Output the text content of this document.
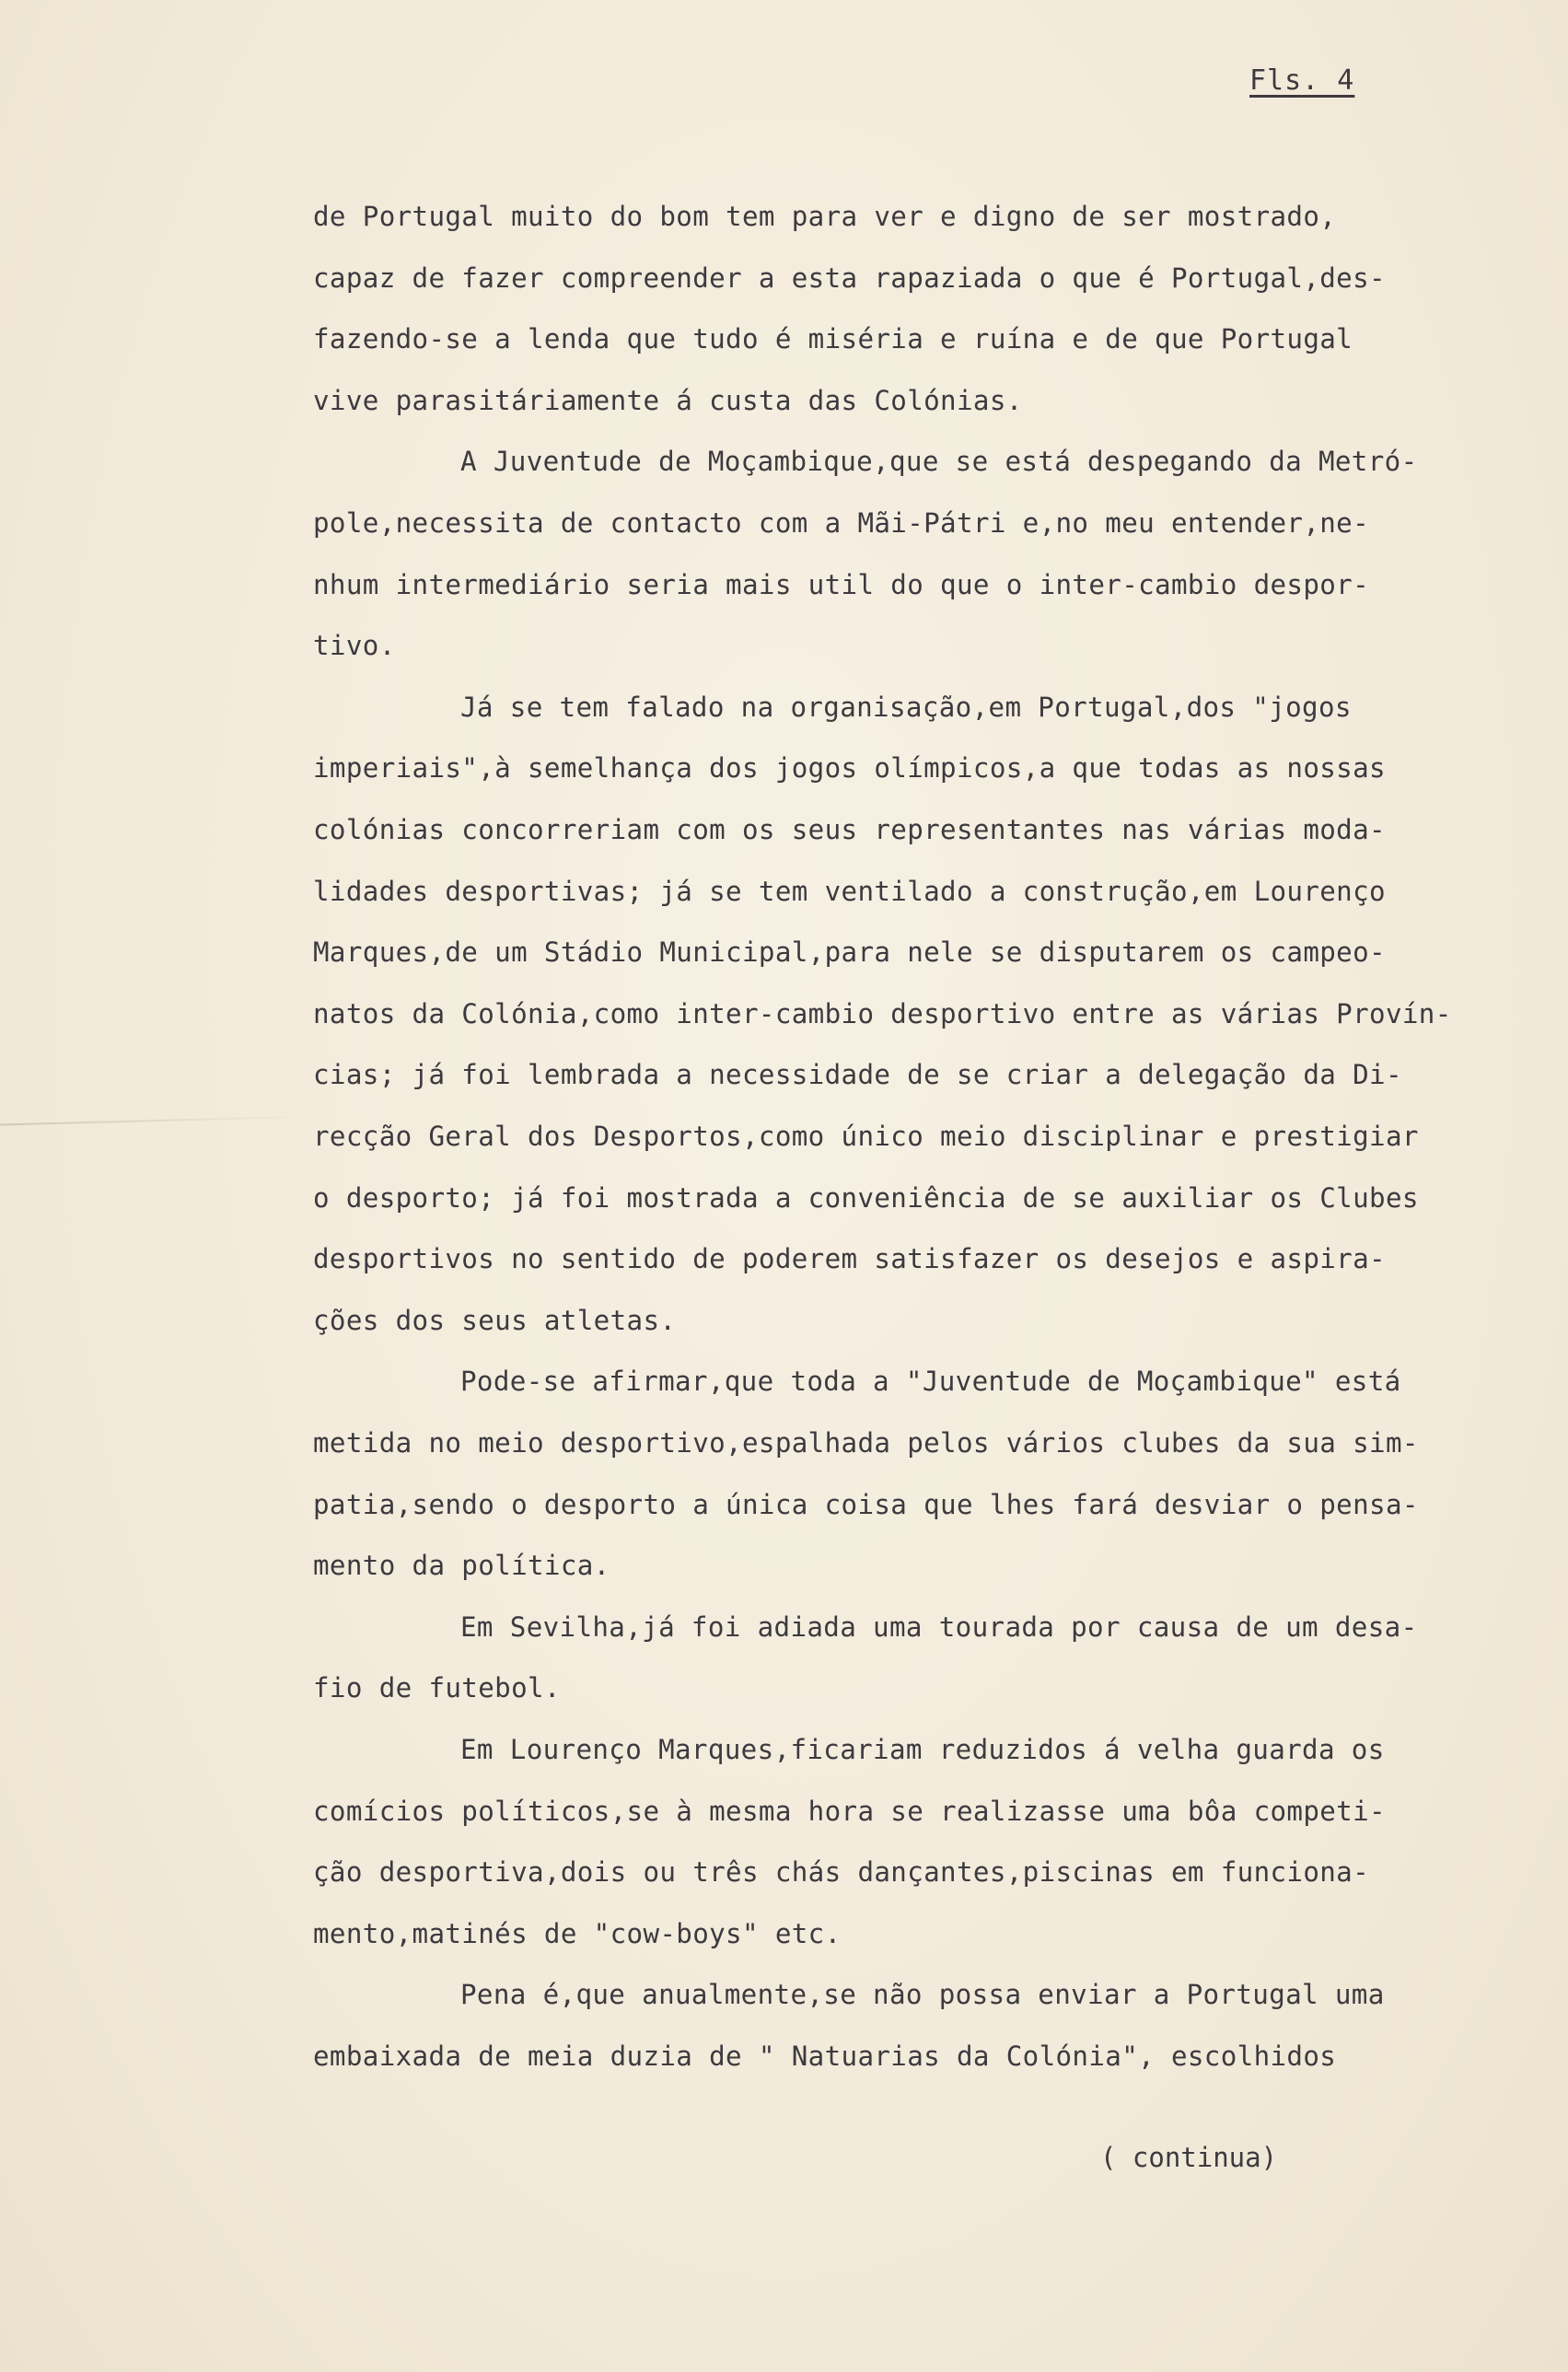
Fls. 4
de Portugal muito do bom tem para ver e digno de ser mostrado,
capaz de fazer compreender a esta rapaziada o que é Portugal,des-
fazendo-se a lenda que tudo é miséria e ruína e de que Portugal
vive parasitáriamente á custa das Colónias.
A Juventude de Moçambique,que se está despegando da Metró-
pole,necessita de contacto com a Mãi-Pátri e,no meu entender,ne-
nhum intermediário seria mais util do que o inter-cambio despor-
tivo.
Já se tem falado na organisação,em Portugal,dos "jogos
imperiais",à semelhança dos jogos olímpicos,a que todas as nossas
colónias concorreriam com os seus representantes nas várias moda-
lidades desportivas; já se tem ventilado a construção,em Lourenço
Marques,de um Stádio Municipal,para nele se disputarem os campeo-
natos da Colónia,como inter-cambio desportivo entre as várias Provín-
cias; já foi lembrada a necessidade de se criar a delegação da Di-
recção Geral dos Desportos,como único meio disciplinar e prestigiar
o desporto; já foi mostrada a conveniência de se auxiliar os Clubes
desportivos no sentido de poderem satisfazer os desejos e aspira-
ções dos seus atletas.
Pode-se afirmar,que toda a "Juventude de Moçambique" está
metida no meio desportivo,espalhada pelos vários clubes da sua sim-
patia,sendo o desporto a única coisa que lhes fará desviar o pensa-
mento da política.
Em Sevilha,já foi adiada uma tourada por causa de um desa-
fio de futebol.
Em Lourenço Marques,ficariam reduzidos á velha guarda os
comícios políticos,se à mesma hora se realizasse uma bôa competi-
ção desportiva,dois ou três chás dançantes,piscinas em funciona-
mento,matinés de "cow-boys" etc.
Pena é,que anualmente,se não possa enviar a Portugal uma
embaixada de meia duzia de " Natuarias da Colónia", escolhidos
( continua)
